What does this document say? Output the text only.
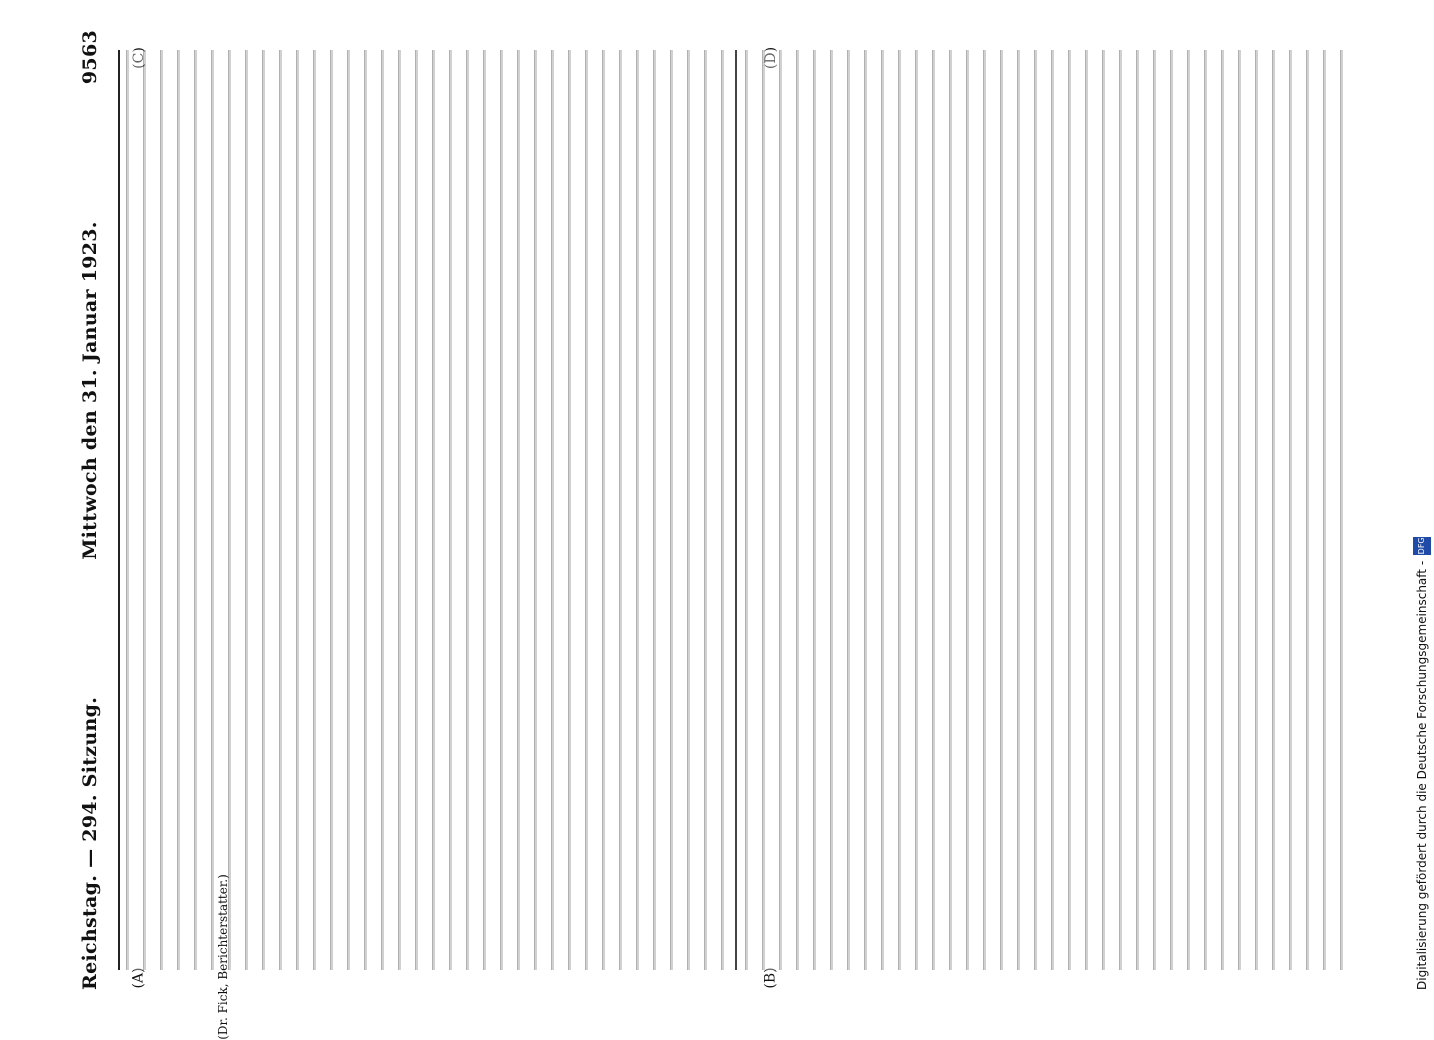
Reichstag. — 294. Sitzung.
Mittwoch den 31. Januar 1923.
9563
(A)	(B)
(C)	(D)
(Dr. Fick, Berichterstatter.)	Digitalisierung gefördert durch die Deutsche Forschungsgemeinschaft -
DFG
